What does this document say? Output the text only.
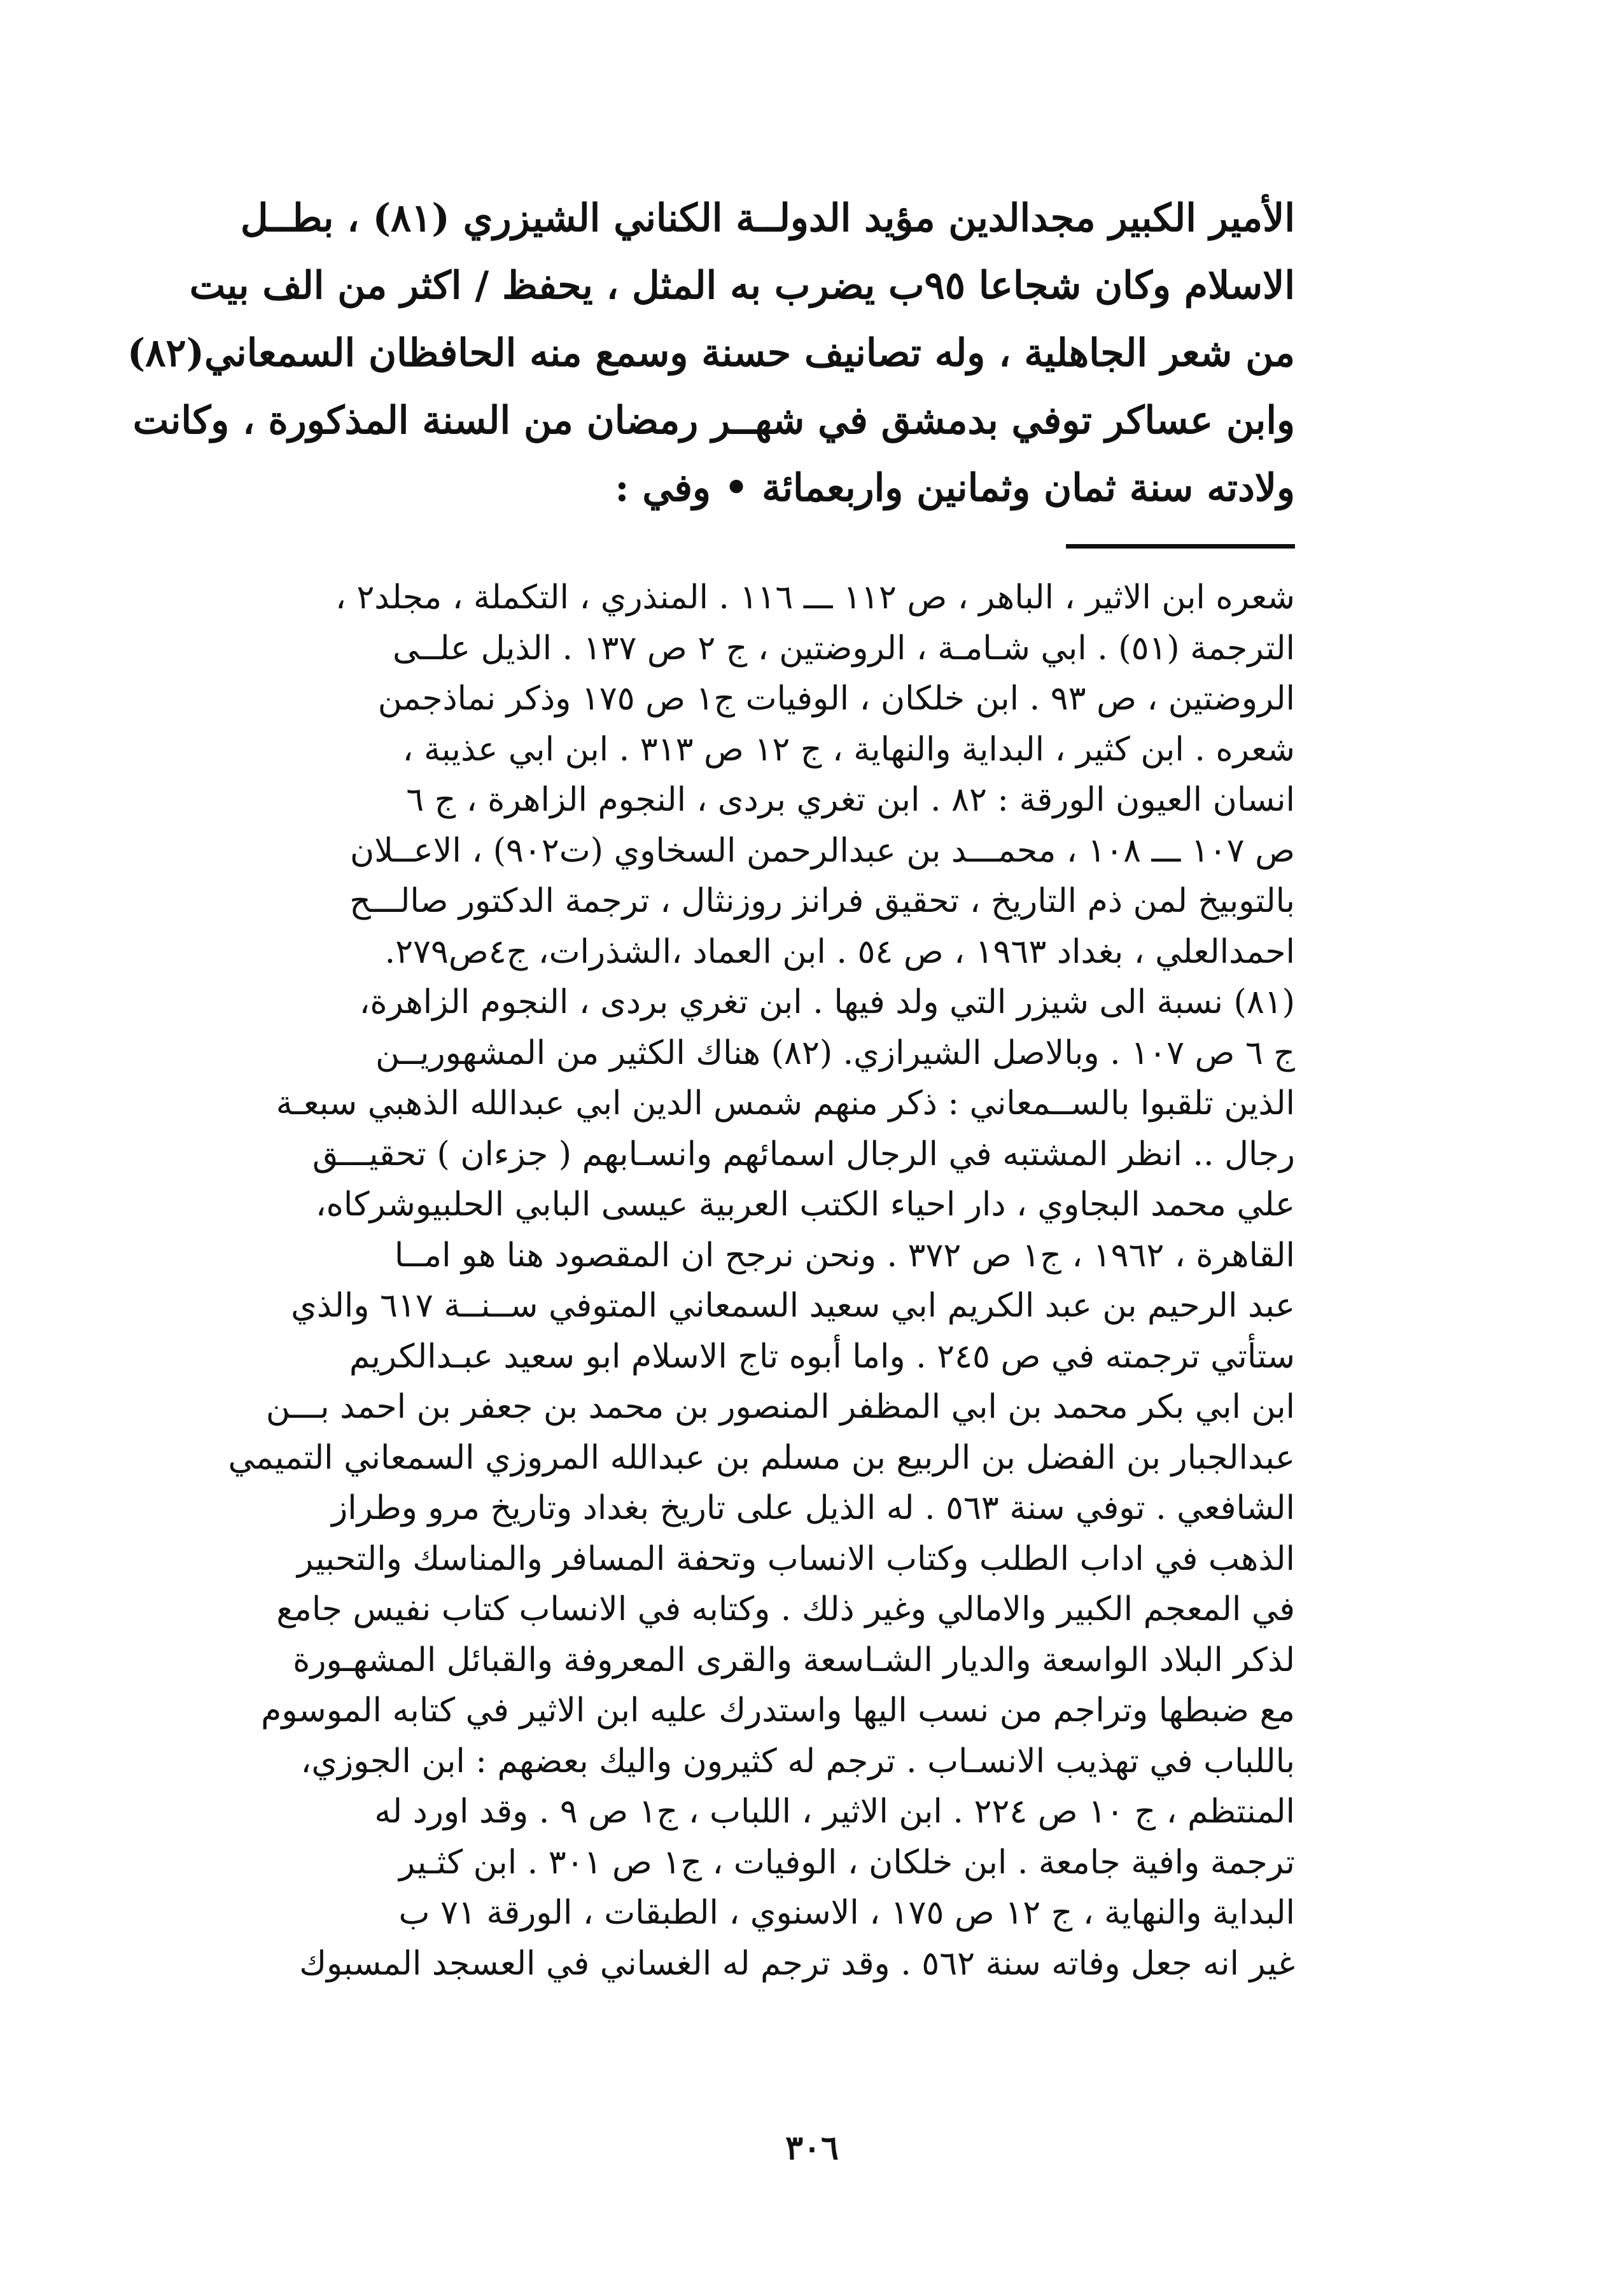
الأمير الكبير مجدالدين مؤيد الدولــة الكناني الشيزري (٨١) ، بطــل
الاسلام وكان شجاعا ٩٥ب يضرب به المثل ، يحفظ / اكثر من الف بيت
من شعر الجاهلية ، وله تصانيف حسنة وسمع منه الحافظان السمعاني(٨٢)
وابن عساكر توفي بدمشق في شهــر رمضان من السنة المذكورة ، وكانت
ولادته سنة ثمان وثمانين واربعمائة • وفي :
شعره ابن الاثير ، الباهر ، ص ١١٢ ـــ ١١٦ . المنذري ، التكملة ، مجلد٢ ،
الترجمة (٥١) . ابي شـامـة ، الروضتين ، ج ٢ ص ١٣٧ . الذيل علــى
الروضتين ، ص ٩٣ . ابن خلكان ، الوفيات ج١ ص ١٧٥ وذكر نماذجمن
شعره . ابن كثير ، البداية والنهاية ، ج ١٢ ص ٣١٣ . ابن ابي عذيبة ،
انسان العيون الورقة : ٨٢ . ابن تغري بردى ، النجوم الزاهرة ، ج ٦
ص ١٠٧ ـــ ١٠٨ ، محمـــد بن عبدالرحمن السخاوي (ت٩٠٢) ، الاعــلان
بالتوبيخ لمن ذم التاريخ ، تحقيق فرانز روزنثال ، ترجمة الدكتور صالـــح
احمدالعلي ، بغداد ١٩٦٣ ، ص ٥٤ . ابن العماد ،الشذرات، ج٤ص٢٧٩.
(٨١) نسبة الى شيزر التي ولد فيها . ابن تغري بردى ، النجوم الزاهرة،
ج ٦ ص ١٠٧ . وبالاصل الشيرازي. (٨٢) هناك الكثير من المشهوريــن
الذين تلقبوا بالســمعاني : ذكر منهم شمس الدين ابي عبدالله الذهبي سبعـة
رجال .. انظر المشتبه في الرجال اسمائهم وانسـابهم ( جزءان ) تحقيـــق
علي محمد البجاوي ، دار احياء الكتب العربية عيسى البابي الحلبيوشركاه،
القاهرة ، ١٩٦٢ ، ج١ ص ٣٧٢ . ونحن نرجح ان المقصود هنا هو امــا
عبد الرحيم بن عبد الكريم ابي سعيد السمعاني المتوفي ســنــة ٦١٧ والذي
ستأتي ترجمته في ص ٢٤٥ . واما أبوه تاج الاسلام ابو سعيد عبـدالكريم
ابن ابي بكر محمد بن ابي المظفر المنصور بن محمد بن جعفر بن احمد بـــن
عبدالجبار بن الفضل بن الربيع بن مسلم بن عبدالله المروزي السمعاني التميمي
الشافعي . توفي سنة ٥٦٣ . له الذيل على تاريخ بغداد وتاريخ مرو وطراز
الذهب في اداب الطلب وكتاب الانساب وتحفة المسافر والمناسك والتحبير
في المعجم الكبير والامالي وغير ذلك . وكتابه في الانساب كتاب نفيس جامع
لذكر البلاد الواسعة والديار الشـاسعة والقرى المعروفة والقبائل المشهـورة
مع ضبطها وتراجم من نسب اليها واستدرك عليه ابن الاثير في كتابه الموسوم
باللباب في تهذيب الانسـاب . ترجم له كثيرون واليك بعضهم : ابن الجوزي،
المنتظم ، ج ١٠ ص ٢٢٤ . ابن الاثير ، اللباب ، ج١ ص ٩ . وقد اورد له
ترجمة وافية جامعة . ابن خلكان ، الوفيات ، ج١ ص ٣٠١ . ابن كثـير
البداية والنهاية ، ج ١٢ ص ١٧٥ ، الاسنوي ، الطبقات ، الورقة ٧١ ب
غير انه جعل وفاته سنة ٥٦٢ . وقد ترجم له الغساني في العسجد المسبوك
٣٠٦
